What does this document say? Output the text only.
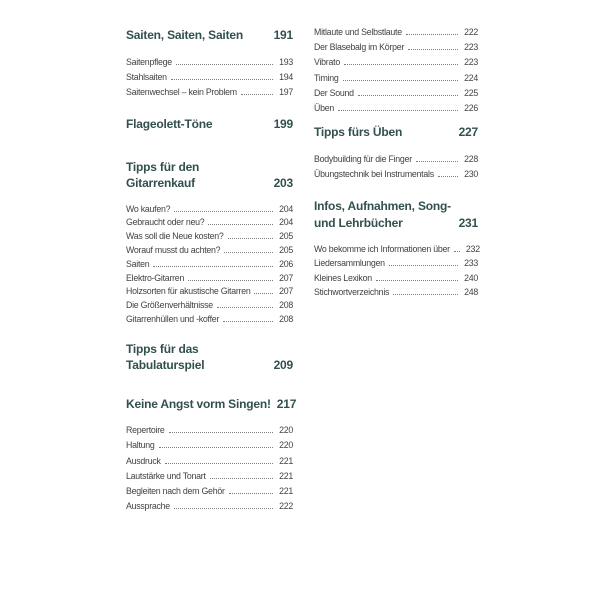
Saiten, Saiten, Saiten	191
Saitenpflege	193
Stahlsaiten	194
Saitenwechsel – kein Problem	197
Flageolett-Töne	199
Tipps für den
Gitarrenkauf	203
Wo kaufen?	204
Gebraucht oder neu?	204
Was soll die Neue kosten?	205
Worauf musst du achten?	205
Saiten	206
Elektro-Gitarren	207
Holzsorten für akustische Gitarren	207
Die Größenverhältnisse	208
Gitarrenhüllen und -koffer	208
Tipps für das
Tabulaturspiel	209
Keine Angst vorm Singen! 217
Repertoire	220
Haltung	220
Ausdruck	221
Lautstärke und Tonart	221
Begleiten nach dem Gehör	221
Aussprache	222
Mitlaute und Selbstlaute	222
Der Blasebalg im Körper	223
Vibrato	223
Timing	224
Der Sound	225
Üben	226
Tipps fürs Üben	227
Bodybuilding für die Finger	228
Übungstechnik bei Instrumentals	230
Infos, Aufnahmen, Song-
und Lehrbücher	231
Wo bekomme ich Informationen über 232
Liedersammlungen	233
Kleines Lexikon	240
Stichwortverzeichnis	248
